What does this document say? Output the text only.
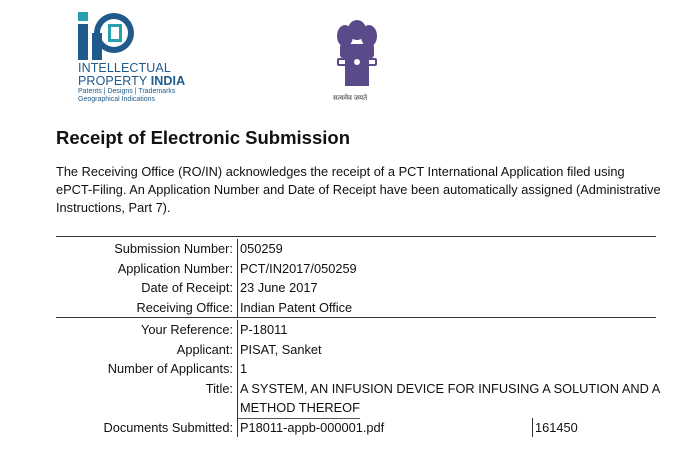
INTELLECTUAL
PROPERTY INDIA
Patents | Designs | Trademarks
Geographical Indications	सत्यमेव जयते
Receipt of Electronic Submission
The Receiving Office (RO/IN) acknowledges the receipt of a PCT International Application filed using
ePCT-Filing. An Application Number and Date of Receipt have been automatically assigned (Administrative
Instructions, Part 7).
Submission Number: 050259
Application Number: PCT/IN2017/050259
Date of Receipt: 23 June 2017
Receiving Office: Indian Patent Office
Your Reference: P-18011
Applicant: PISAT, Sanket
Number of Applicants: 1
Title: A SYSTEM, AN INFUSION DEVICE FOR INFUSING A SOLUTION AND A
METHOD THEREOF
Documents Submitted: P18011-appb-000001.pdf	161450
